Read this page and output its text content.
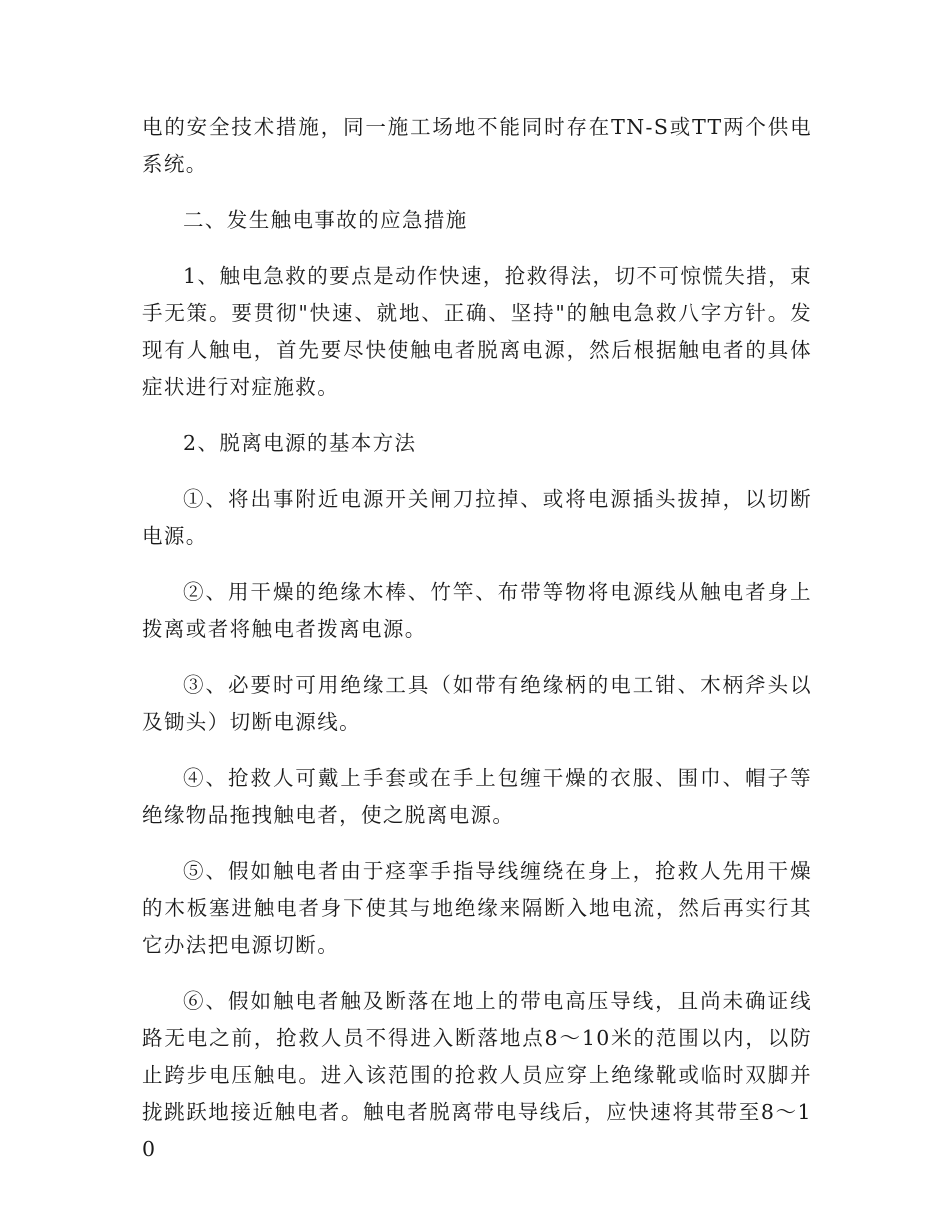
电的安全技术措施，同一施工场地不能同时存在TN-S或TT两个供电系统。

二、发生触电事故的应急措施

1、触电急救的要点是动作快速，抢救得法，切不可惊慌失措，束手无策。要贯彻"快速、就地、正确、坚持"的触电急救八字方针。发现有人触电，首先要尽快使触电者脱离电源，然后根据触电者的具体症状进行对症施救。

2、脱离电源的基本方法

①、将出事附近电源开关闸刀拉掉、或将电源插头拔掉，以切断电源。

②、用干燥的绝缘木棒、竹竿、布带等物将电源线从触电者身上拨离或者将触电者拨离电源。

③、必要时可用绝缘工具（如带有绝缘柄的电工钳、木柄斧头以及锄头）切断电源线。

④、抢救人可戴上手套或在手上包缠干燥的衣服、围巾、帽子等绝缘物品拖拽触电者，使之脱离电源。

⑤、假如触电者由于痉挛手指导线缠绕在身上，抢救人先用干燥的木板塞进触电者身下使其与地绝缘来隔断入地电流，然后再实行其它办法把电源切断。

⑥、假如触电者触及断落在地上的带电高压导线，且尚未确证线路无电之前，抢救人员不得进入断落地点8～10米的范围以内，以防止跨步电压触电。进入该范围的抢救人员应穿上绝缘靴或临时双脚并拢跳跃地接近触电者。触电者脱离带电导线后，应快速将其带至8～10
